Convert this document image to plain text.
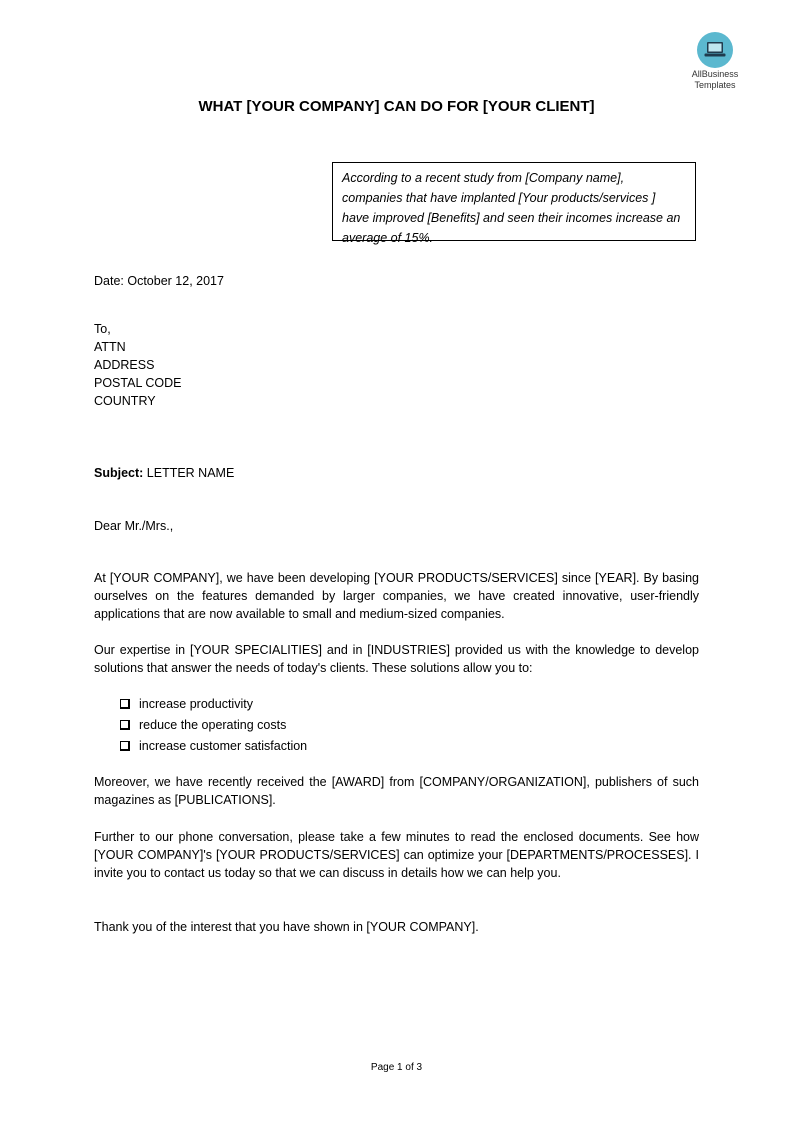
AllBusiness
Templates
WHAT [YOUR COMPANY] CAN DO FOR [YOUR CLIENT]
According to a recent study from [Company name], companies that have implanted [Your products/services ] have improved [Benefits] and seen their incomes increase an average of 15%.
Date: October 12, 2017
To,
ATTN
ADDRESS
POSTAL CODE
COUNTRY
Subject: LETTER NAME
Dear Mr./Mrs.,
At [YOUR COMPANY], we have been developing [YOUR PRODUCTS/SERVICES] since [YEAR]. By basing ourselves on the features demanded by larger companies, we have created innovative, user-friendly applications that are now available to small and medium-sized companies.
Our expertise in [YOUR SPECIALITIES] and in [INDUSTRIES] provided us with the knowledge to develop solutions that answer the needs of today's clients. These solutions allow you to:
increase productivity
reduce the operating costs
increase customer satisfaction
Moreover, we have recently received the [AWARD] from [COMPANY/ORGANIZATION], publishers of such magazines as [PUBLICATIONS].
Further to our phone conversation, please take a few minutes to read the enclosed documents. See how [YOUR COMPANY]'s [YOUR PRODUCTS/SERVICES] can optimize your [DEPARTMENTS/PROCESSES]. I invite you to contact us today so that we can discuss in details how we can help you.
Thank you of the interest that you have shown in [YOUR COMPANY].
Page 1 of 3
